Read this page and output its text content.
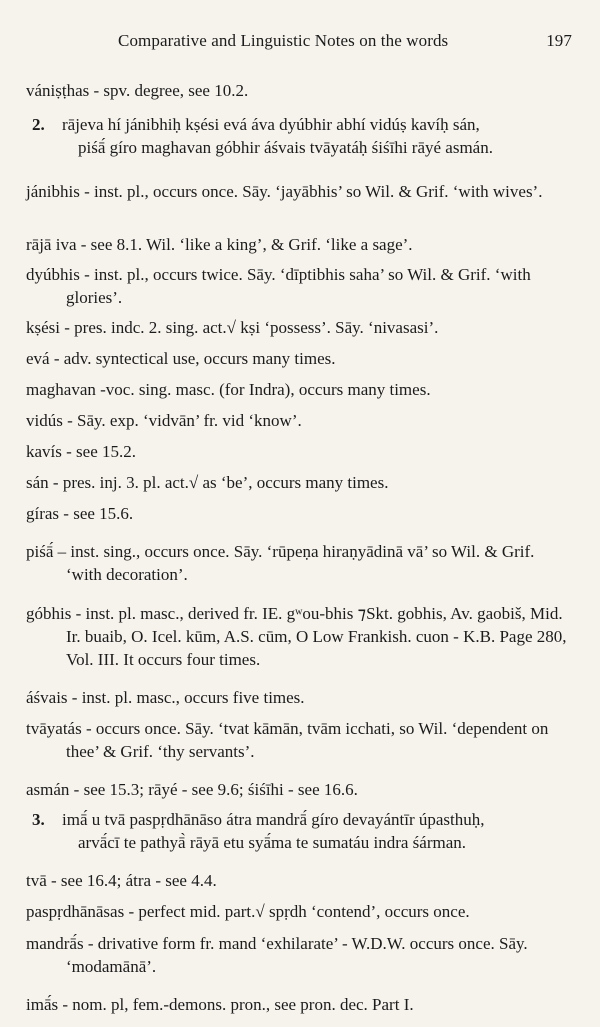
Comparative and Linguistic Notes on the words	197
vániṣṭhas - spv. degree, see 10.2.
2. rājeva hí jánibhiḥ kṣési evá áva dyúbhir abhí vidúṣ kavíḥ sán,
piśā́ gíro maghavan góbhir áśvais tvāyatáḥ śiśīhi rāyé asmán.
jánibhis - inst. pl., occurs once. Sāy. ‘jayābhis’ so Wil. & Grif. ‘with wives’.
rājā iva - see 8.1. Wil. ‘like a king’, & Grif. ‘like a sage’.
dyúbhis - inst. pl., occurs twice. Sāy. ‘dīptibhis saha’ so Wil. & Grif. ‘with glories’.
kṣési - pres. indc. 2. sing. act.√ kṣi ‘possess’. Sāy. ‘nivasasi’.
evá - adv. syntectical use, occurs many times.
maghavan -voc. sing. masc. (for Indra), occurs many times.
vidús - Sāy. exp. ‘vidvān’ fr. vid ‘know’.
kavís - see 15.2.
sán - pres. inj. 3. pl. act.√ as ‘be’, occurs many times.
gíras - see 15.6.
piśā́ – inst. sing., occurs once. Sāy. ‘rūpeṇa hiraṇyādinā vā’ so Wil. & Grif. ‘with decoration’.
góbhis - inst. pl. masc., derived fr. IE. gʷou-bhis ⁊Skt. gobhis, Av. gaobiš, Mid. Ir. buaib, O. Icel. kūm, A.S. cūm, O Low Frankish. cuon - K.B. Page 280, Vol. III. It occurs four times.
áśvais - inst. pl. masc., occurs five times.
tvāyatás - occurs once. Sāy. ‘tvat kāmān, tvām icchati, so Wil. ‘dependent on thee’ & Grif. ‘thy servants’.
asmán - see 15.3; rāyé - see 9.6; śiśīhi - see 16.6.
3. imā́ u tvā paspṛdhānāso átra mandrā́ gíro devayántīr úpasthuḥ,
arvā́cī te pathyā̀ rāyā etu syā́ma te sumatáu indra śárman.
tvā - see 16.4; átra - see 4.4.
paspṛdhānāsas - perfect mid. part.√ spṛdh ‘contend’, occurs once.
mandrā́s - drivative form fr. mand ‘exhilarate’ - W.D.W. occurs once. Sāy. ‘modamānā’.
imā́s - nom. pl, fem.-demons. pron., see pron. dec. Part I.
